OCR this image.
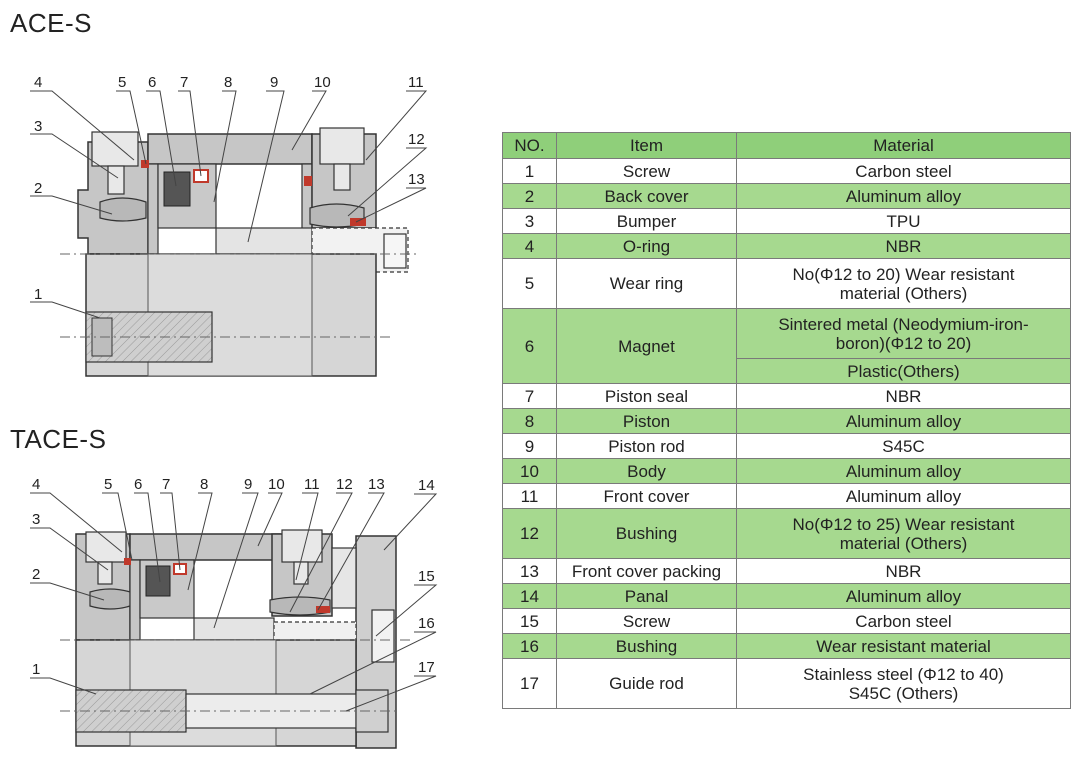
ACE-S
TACE-S
4
3
2
1
5 6 7 8	9 10	11
12
13
4
3
2
1
5 6 7 8 9 10 11 12 13 14
15
16
17
NO.	Item	Material
1	Screw	Carbon steel
2	Back cover	Aluminum alloy
3	Bumper	TPU
4	O-ring	NBR
5	Wear ring	No(Φ12 to 20) Wear resistant
material (Others)
6	Magnet	Sintered metal (Neodymium-iron-
boron)(Φ12 to 20)
		Plastic(Others)
7	Piston seal	NBR
8	Piston	Aluminum alloy
9	Piston rod	S45C
10	Body	Aluminum alloy
11	Front cover	Aluminum alloy
12	Bushing	No(Φ12 to 25) Wear resistant
material (Others)
13	Front cover packing	NBR
14	Panal	Aluminum alloy
15	Screw	Carbon steel
16	Bushing	Wear resistant material
17	Guide rod	Stainless steel (Φ12 to 40)
S45C (Others)
